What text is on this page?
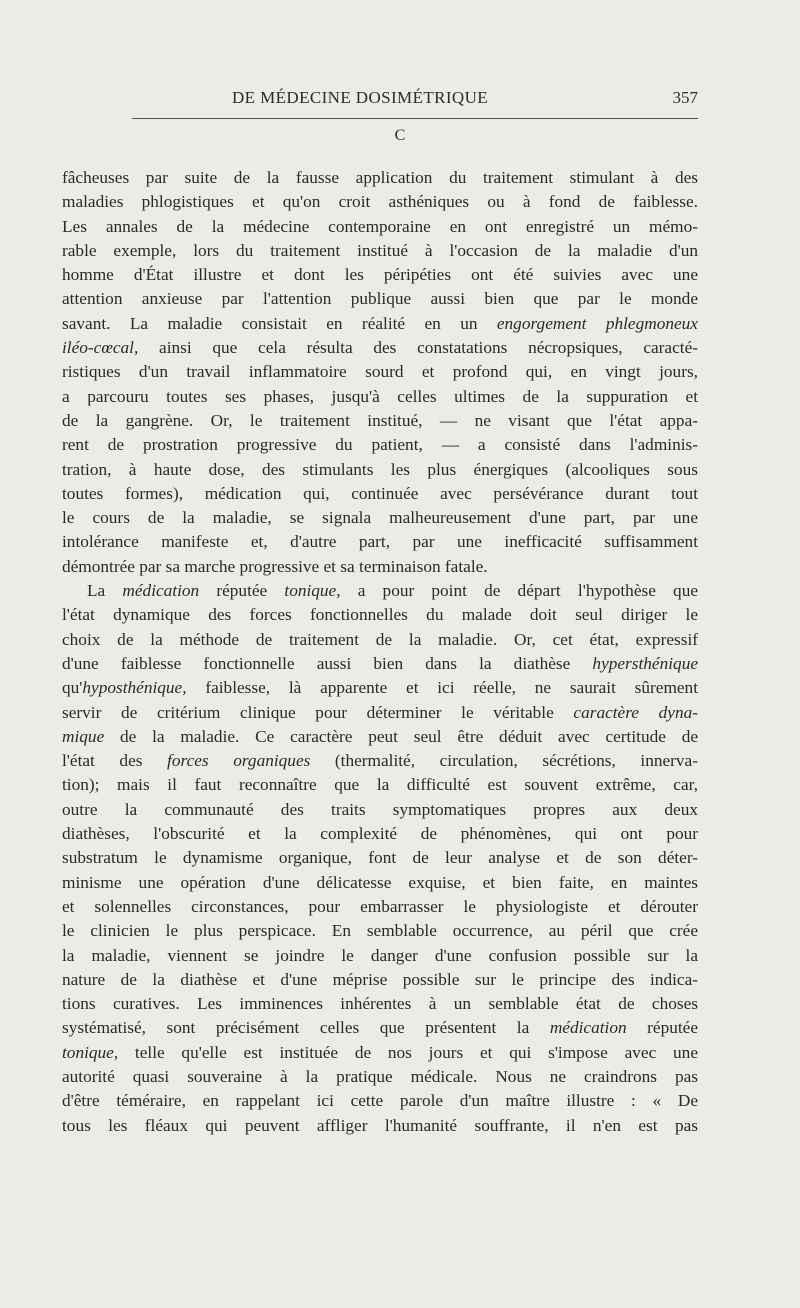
DE MÉDECINE DOSIMÉTRIQUE	357
C
fâcheuses par suite de la fausse application du traitement stimulant à des
maladies phlogistiques et qu'on croit asthéniques ou à fond de faiblesse.
Les annales de la médecine contemporaine en ont enregistré un mémo-
rable exemple, lors du traitement institué à l'occasion de la maladie d'un
homme d'État illustre et dont les péripéties ont été suivies avec une
attention anxieuse par l'attention publique aussi bien que par le monde
savant. La maladie consistait en réalité en un engorgement phlegmoneux
iléo-cœcal, ainsi que cela résulta des constatations nécropsiques, caracté-
ristiques d'un travail inflammatoire sourd et profond qui, en vingt jours,
a parcouru toutes ses phases, jusqu'à celles ultimes de la suppuration et
de la gangrène. Or, le traitement institué, — ne visant que l'état appa-
rent de prostration progressive du patient, — a consisté dans l'adminis-
tration, à haute dose, des stimulants les plus énergiques (alcooliques sous
toutes formes), médication qui, continuée avec persévérance durant tout
le cours de la maladie, se signala malheureusement d'une part, par une
intolérance manifeste et, d'autre part, par une inefficacité suffisamment
démontrée par sa marche progressive et sa terminaison fatale.
La médication réputée tonique, a pour point de départ l'hypothèse que
l'état dynamique des forces fonctionnelles du malade doit seul diriger le
choix de la méthode de traitement de la maladie. Or, cet état, expressif
d'une faiblesse fonctionnelle aussi bien dans la diathèse hypersthénique
qu'hyposthénique, faiblesse, là apparente et ici réelle, ne saurait sûrement
servir de critérium clinique pour déterminer le véritable caractère dyna-
mique de la maladie. Ce caractère peut seul être déduit avec certitude de
l'état des forces organiques (thermalité, circulation, sécrétions, innerva-
tion); mais il faut reconnaître que la difficulté est souvent extrême, car,
outre la communauté des traits symptomatiques propres aux deux
diathèses, l'obscurité et la complexité de phénomènes, qui ont pour
substratum le dynamisme organique, font de leur analyse et de son déter-
minisme une opération d'une délicatesse exquise, et bien faite, en maintes
et solennelles circonstances, pour embarrasser le physiologiste et dérouter
le clinicien le plus perspicace. En semblable occurrence, au péril que crée
la maladie, viennent se joindre le danger d'une confusion possible sur la
nature de la diathèse et d'une méprise possible sur le principe des indica-
tions curatives. Les imminences inhérentes à un semblable état de choses
systématisé, sont précisément celles que présentent la médication réputée
tonique, telle qu'elle est instituée de nos jours et qui s'impose avec une
autorité quasi souveraine à la pratique médicale. Nous ne craindrons pas
d'être téméraire, en rappelant ici cette parole d'un maître illustre : « De
tous les fléaux qui peuvent affliger l'humanité souffrante, il n'en est pas
